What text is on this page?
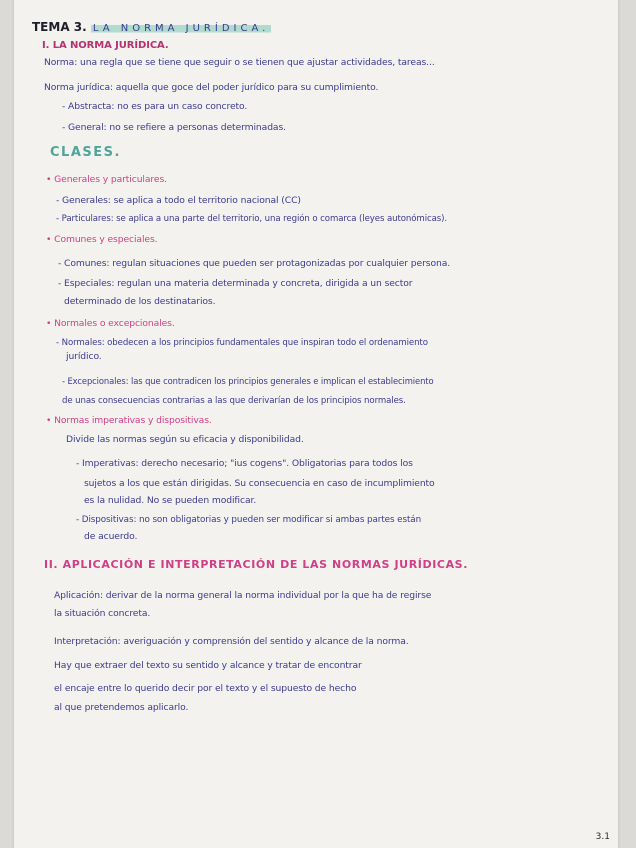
TEMA 3. LA NORMA JURÍDICA.
I. LA NORMA JURÍDICA.
Norma: una regla que se tiene que seguir o se tienen que ajustar actividades, tareas...
Norma jurídica: aquella que goce del poder jurídico para su cumplimiento.
- Abstracta: no es para un caso concreto.
- General: no se refiere a personas determinadas.
CLASES.
• Generales y particulares.
- Generales: se aplica a todo el territorio nacional (CC)
- Particulares: se aplica a una parte del territorio, una región o comarca (leyes autonómicas).
• Comunes y especiales.
- Comunes: regulan situaciones que pueden ser protagonizadas por cualquier persona.
- Especiales: regulan una materia determinada y concreta, dirigida a un sector
determinado de los destinatarios.
• Normales o excepcionales.
- Normales: obedecen a los principios fundamentales que inspiran todo el ordenamiento
jurídico.
- Excepcionales: las que contradicen los principios generales e implican el establecimiento
de unas consecuencias contrarias a las que derivarían de los principios normales.
• Normas imperativas y dispositivas.
Divide las normas según su eficacia y disponibilidad.
- Imperativas: derecho necesario; "ius cogens". Obligatorias para todos los
sujetos a los que están dirigidas. Su consecuencia en caso de incumplimiento
es la nulidad. No se pueden modificar.
- Dispositivas: no son obligatorias y pueden ser modificar si ambas partes están
de acuerdo.
II. APLICACIÓN E INTERPRETACIÓN DE LAS NORMAS JURÍDICAS.
Aplicación: derivar de la norma general la norma individual por la que ha de regirse
la situación concreta.
Interpretación: averiguación y comprensión del sentido y alcance de la norma.
Hay que extraer del texto su sentido y alcance y tratar de encontrar
el encaje entre lo querido decir por el texto y el supuesto de hecho
al que pretendemos aplicarlo.
3.1
